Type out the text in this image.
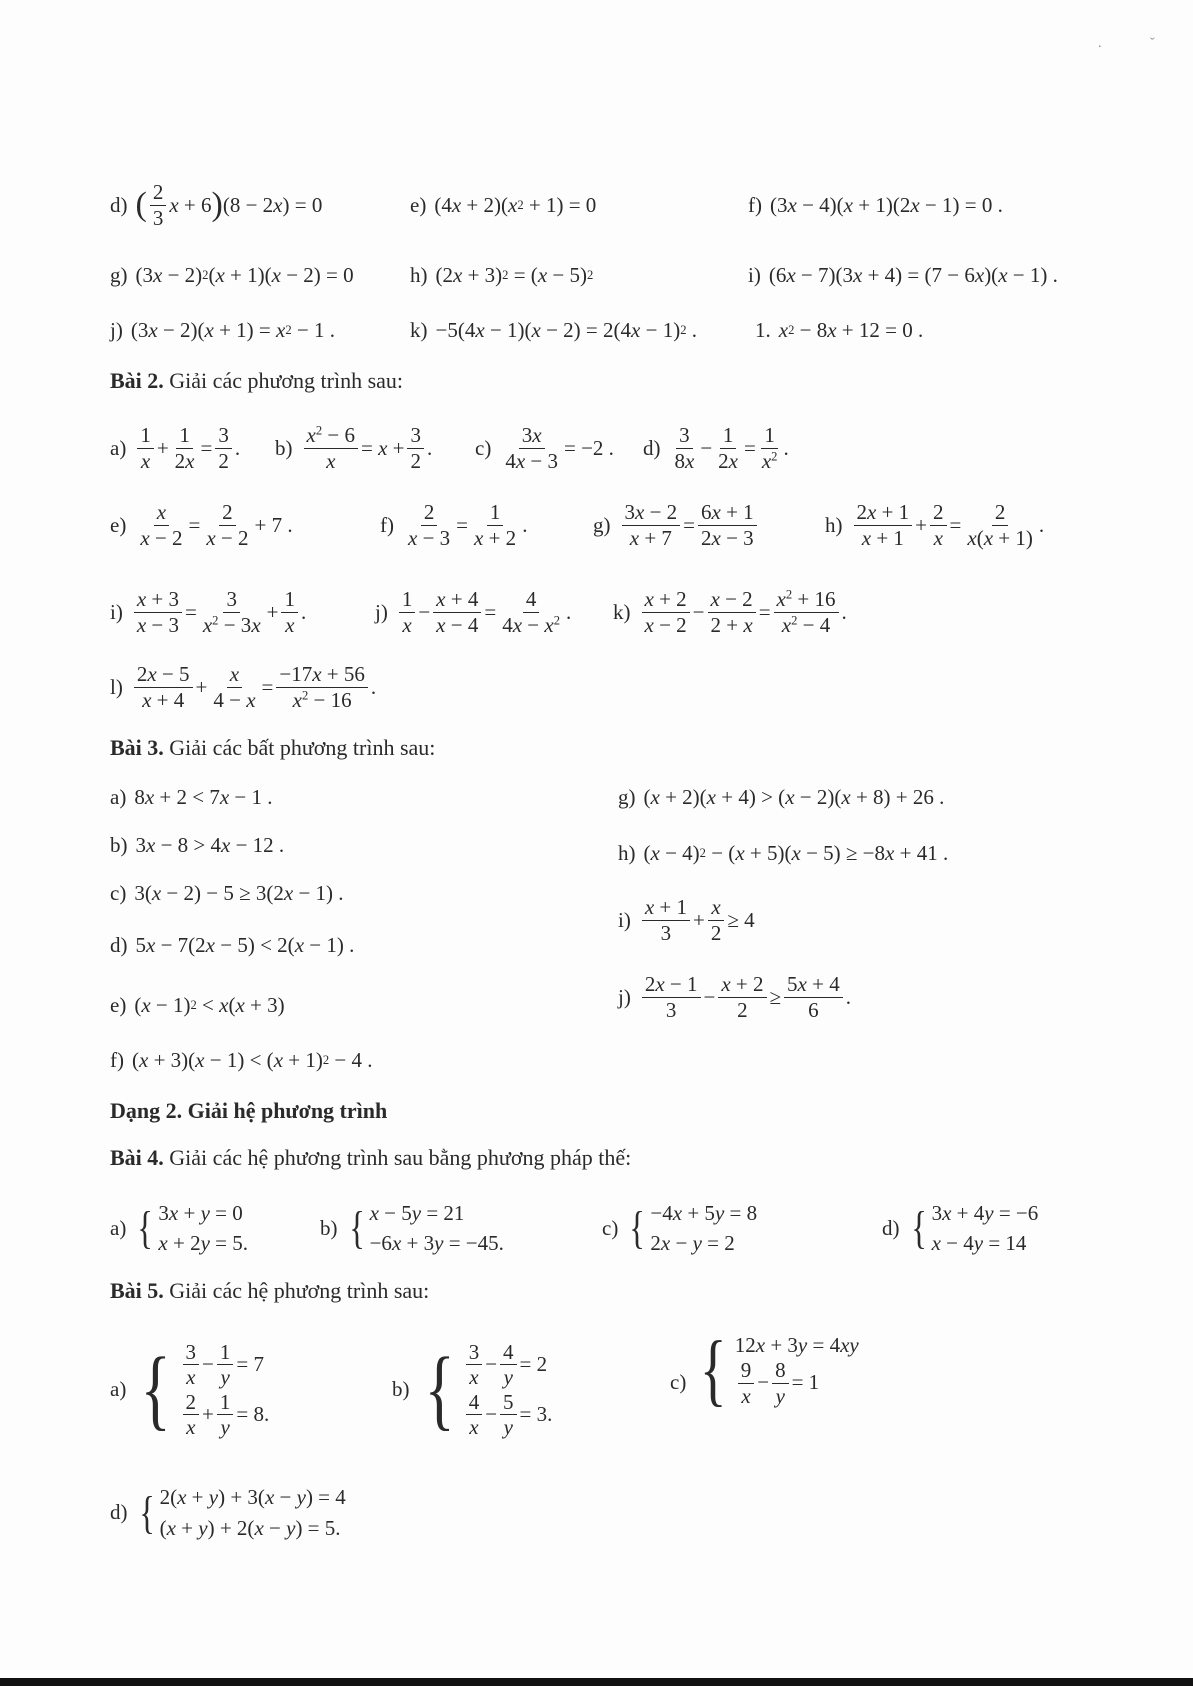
.	ˇ
d) ( $\frac{2}{3}$ x + 6 ) (8 − 2 x ) = 0	e) (4 x + 2)( x 2 + 1) = 0	f) (3 x − 4)( x + 1)(2 x − 1) = 0 .
g) (3 x − 2) 2 ( x + 1)( x − 2) = 0	h) (2 x + 3) 2 = ( x − 5) 2	i) (6 x − 7)(3 x + 4) = (7 − 6 x )( x − 1) .
j) (3 x − 2)( x + 1) = x 2 − 1 .	k) −5(4 x − 1)( x − 2) = 2(4 x − 1) 2 .	1. x 2 − 8 x + 12 = 0 .
Bài 2. Giải các phương trình sau:
$a) \frac{1}{x} + \frac{1}{2x} = \frac{3}{2}$ . $b) \frac{x^2 - 6}{x} = x + \frac{3}{2}$ . $c) \frac{3x}{4x - 3} = -2$ . $d) \frac{3}{8x} - \frac{1}{2x} = \frac{1}{x^2}$ .
$e) \frac{x}{x - 2} = \frac{2}{x - 2} + 7$ .	$f) \frac{2}{x - 3} = \frac{1}{x + 2}$ .	$g) \frac{3x - 2}{x + 7} = \frac{6x + 1}{2x - 3}$	$h) \frac{2x + 1}{x + 1} + \frac{2}{x} = \frac{2}{x(x + 1)}$ .
$i) \frac{x + 3}{x - 3} = \frac{3}{x^2 - 3x} + \frac{1}{x}$ .	$j) \frac{1}{x} - \frac{x + 4}{x - 4} = \frac{4}{4x - x^2}$ . $k) \frac{x + 2}{x - 2} - \frac{x - 2}{2 + x} = \frac{x^2 + 16}{x^2 - 4}$ .
$l) \frac{2x - 5}{x + 4} + \frac{x}{4 - x} = \frac{-17x + 56}{x^2 - 16}$ .
Bài 3. Giải các bất phương trình sau:
a) 8 x + 2 < 7 x − 1 .
b) 3 x − 8 > 4 x − 12 .
c) 3( x − 2) − 5 ≥ 3(2 x − 1) .
d) 5 x − 7(2 x − 5) < 2( x − 1) .
e) ( x − 1) 2 < x ( x + 3)
f) ( x + 3)( x − 1) < ( x + 1) 2 − 4 .
g) ( x + 2)( x + 4) > ( x − 2)( x + 8) + 26 .
h) ( x − 4) 2 − ( x + 5)( x − 5) ≥ −8 x + 41 .
$i) \frac{x + 1}{3} + \frac{x}{2} \ge 4$
$j) \frac{2x - 1}{3} - \frac{x + 2}{2} \ge \frac{5x + 4}{6}$ .
Dạng 2. Giải hệ phương trình
Bài 4. Giải các hệ phương trình sau bằng phương pháp thế:
a) { 3 x + y = 0
x + 2 y = 5.
b) { x − 5 y = 21
−6 x + 3 y = −45.
c) { −4 x + 5 y = 8
2 x − y = 2
d) { 3 x + 4 y = −6
x − 4 y = 14
Bài 5. Giải các hệ phương trình sau:
a) { $\frac{3}{x} - \frac{1}{y} = 7$
$\frac{2}{x} + \frac{1}{y} = 8$.
b) { $\frac{3}{x} - \frac{4}{y} = 2$
$\frac{4}{x} - \frac{5}{y} = 3$.
c) { 12 x + 3 y = 4 xy
$\frac{9}{x} - \frac{8}{y} = 1$
d) { 2( x + y ) + 3( x − y ) = 4
( x + y ) + 2( x − y ) = 5.
